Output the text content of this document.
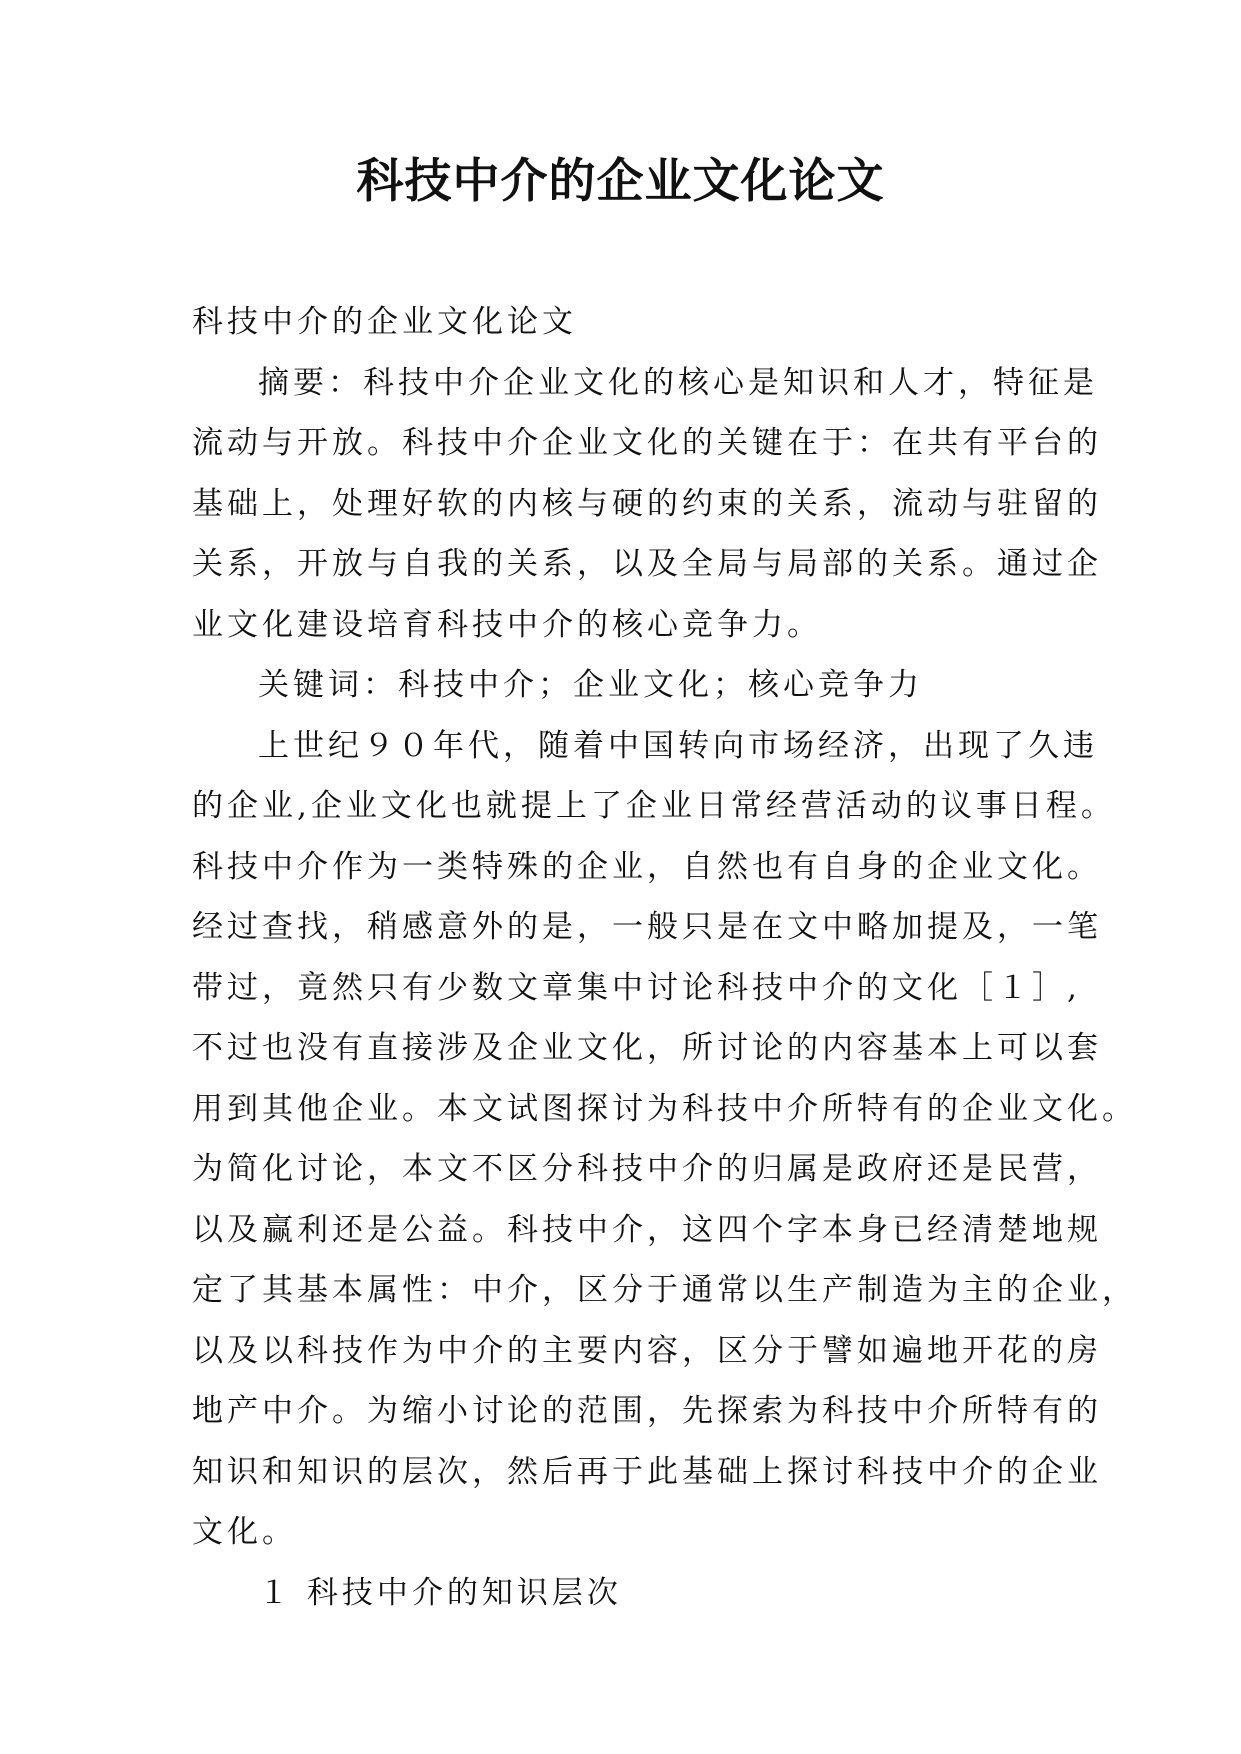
科技中介的企业文化论文
科技中介的企业文化论文
摘要：科技中介企业文化的核心是知识和人才，特征是
流动与开放。科技中介企业文化的关键在于：在共有平台的
基础上，处理好软的内核与硬的约束的关系，流动与驻留的
关系，开放与自我的关系，以及全局与局部的关系。通过企
业文化建设培育科技中介的核心竞争力。
关键词：科技中介；企业文化；核心竞争力
上世纪９０年代，随着中国转向市场经济，出现了久违
的企业,企业文化也就提上了企业日常经营活动的议事日程。
科技中介作为一类特殊的企业，自然也有自身的企业文化。
经过查找，稍感意外的是，一般只是在文中略加提及，一笔
带过，竟然只有少数文章集中讨论科技中介的文化［１］,
不过也没有直接涉及企业文化，所讨论的内容基本上可以套
用到其他企业。本文试图探讨为科技中介所特有的企业文化。
为简化讨论，本文不区分科技中介的归属是政府还是民营，
以及赢利还是公益。科技中介，这四个字本身已经清楚地规
定了其基本属性：中介，区分于通常以生产制造为主的企业，
以及以科技作为中介的主要内容，区分于譬如遍地开花的房
地产中介。为缩小讨论的范围，先探索为科技中介所特有的
知识和知识的层次，然后再于此基础上探讨科技中介的企业
文化。
１ 科技中介的知识层次
